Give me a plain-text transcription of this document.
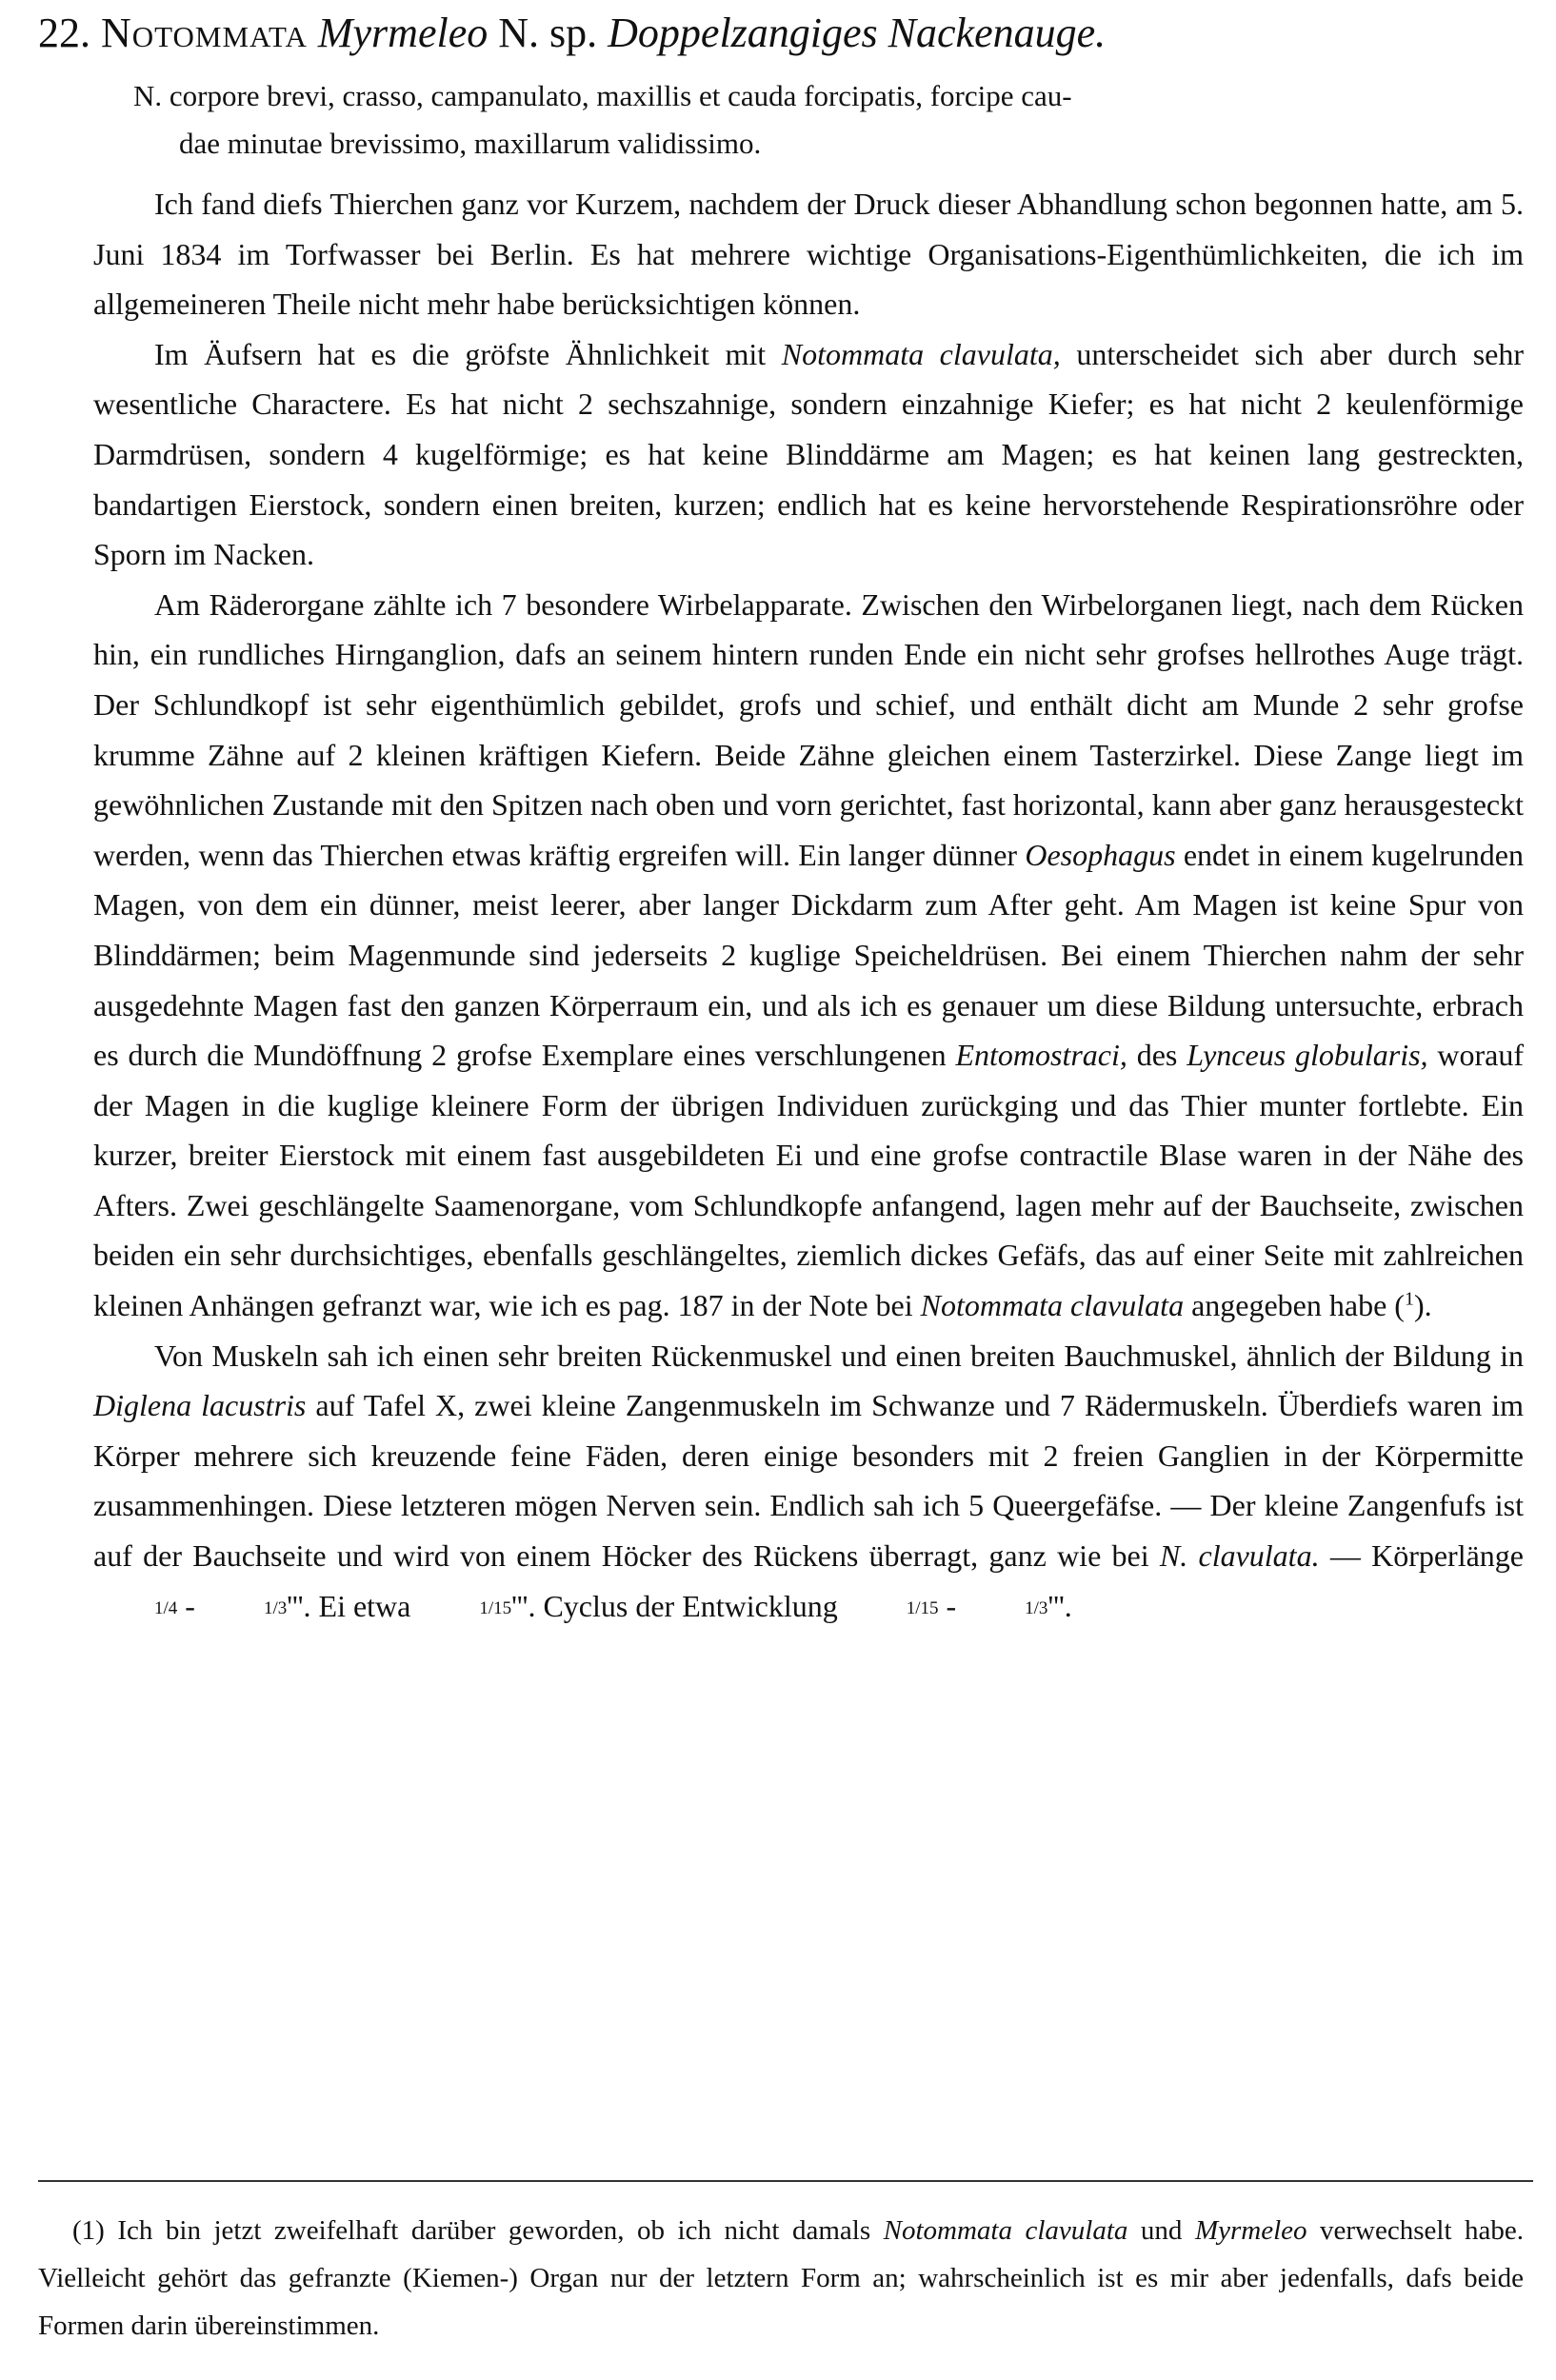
22. Notommata Myrmeleo N. sp. Doppelzangiges Nackenauge.
N. corpore brevi, crasso, campanulato, maxillis et cauda forcipatis, forcipe cau-
dae minutae brevissimo, maxillarum validissimo.

Ich fand diefs Thierchen ganz vor Kurzem, nachdem der Druck dieser Abhandlung schon begonnen hatte, am 5. Juni 1834 im Torfwasser bei Berlin. Es hat mehrere wichtige Organisations-Eigenthümlichkeiten, die ich im allgemeineren Theile nicht mehr habe berücksichtigen können.

Im Äufsern hat es die gröfste Ähnlichkeit mit Notommata clavulata, unterscheidet sich aber durch sehr wesentliche Charactere. Es hat nicht 2 sechszahnige, sondern einzahnige Kiefer; es hat nicht 2 keulenförmige Darmdrüsen, sondern 4 kugelförmige; es hat keine Blinddärme am Magen; es hat keinen lang gestreckten, bandartigen Eierstock, sondern einen breiten, kurzen; endlich hat es keine hervorstehende Respirationsröhre oder Sporn im Nacken.

Am Räderorgane zählte ich 7 besondere Wirbelapparate. Zwischen den Wirbelorganen liegt, nach dem Rücken hin, ein rundliches Hirnganglion, dafs an seinem hintern runden Ende ein nicht sehr grofses hellrothes Auge trägt. Der Schlundkopf ist sehr eigenthümlich gebildet, grofs und schief, und enthält dicht am Munde 2 sehr grofse krumme Zähne auf 2 kleinen kräftigen Kiefern. Beide Zähne gleichen einem Tasterzirkel. Diese Zange liegt im gewöhnlichen Zustande mit den Spitzen nach oben und vorn gerichtet, fast horizontal, kann aber ganz herausgesteckt werden, wenn das Thierchen etwas kräftig ergreifen will. Ein langer dünner Oesophagus endet in einem kugelrunden Magen, von dem ein dünner, meist leerer, aber langer Dickdarm zum After geht. Am Magen ist keine Spur von Blinddärmen; beim Magenmunde sind jederseits 2 kuglige Speicheldrüsen. Bei einem Thierchen nahm der sehr ausgedehnte Magen fast den ganzen Körperraum ein, und als ich es genauer um diese Bildung untersuchte, erbrach es durch die Mundöffnung 2 grofse Exemplare eines verschlungenen Entomostraci, des Lynceus globularis, worauf der Magen in die kuglige kleinere Form der übrigen Individuen zurückging und das Thier munter fortlebte. Ein kurzer, breiter Eierstock mit einem fast ausgebildeten Ei und eine grofse contractile Blase waren in der Nähe des Afters. Zwei geschlängelte Saamenorgane, vom Schlundkopfe anfangend, lagen mehr auf der Bauchseite, zwischen beiden ein sehr durchsichtiges, ebenfalls geschlängeltes, ziemlich dickes Gefäfs, das auf einer Seite mit zahlreichen kleinen Anhängen gefranzt war, wie ich es pag. 187 in der Note bei Notommata clavulata angegeben habe ($^1$).

Von Muskeln sah ich einen sehr breiten Rückenmuskel und einen breiten Bauchmuskel, ähnlich der Bildung in Diglena lacustris auf Tafel X, zwei kleine Zangenmuskeln im Schwanze und 7 Rädermuskeln. Überdiefs waren im Körper mehrere sich kreuzende feine Fäden, deren einige besonders mit 2 freien Ganglien in der Körpermitte zusammenhingen. Diese letzteren mögen Nerven sein. Endlich sah ich 5 Queergefäfse. — Der kleine Zangenfufs ist auf der Bauchseite und wird von einem Höcker des Rückens überragt, ganz wie bei N. clavulata. — Körperlänge 1/4 -	1/3'''. Ei etwa	1/15'''. Cyclus der Entwicklung	1/15 -	1/3'''.

(1) Ich bin jetzt zweifelhaft darüber geworden, ob ich nicht damals Notommata clavulata und Myrmeleo verwechselt habe. Vielleicht gehört das gefranzte (Kiemen-) Organ nur der letztern Form an; wahrscheinlich ist es mir aber jedenfalls, dafs beide Formen darin übereinstimmen.
